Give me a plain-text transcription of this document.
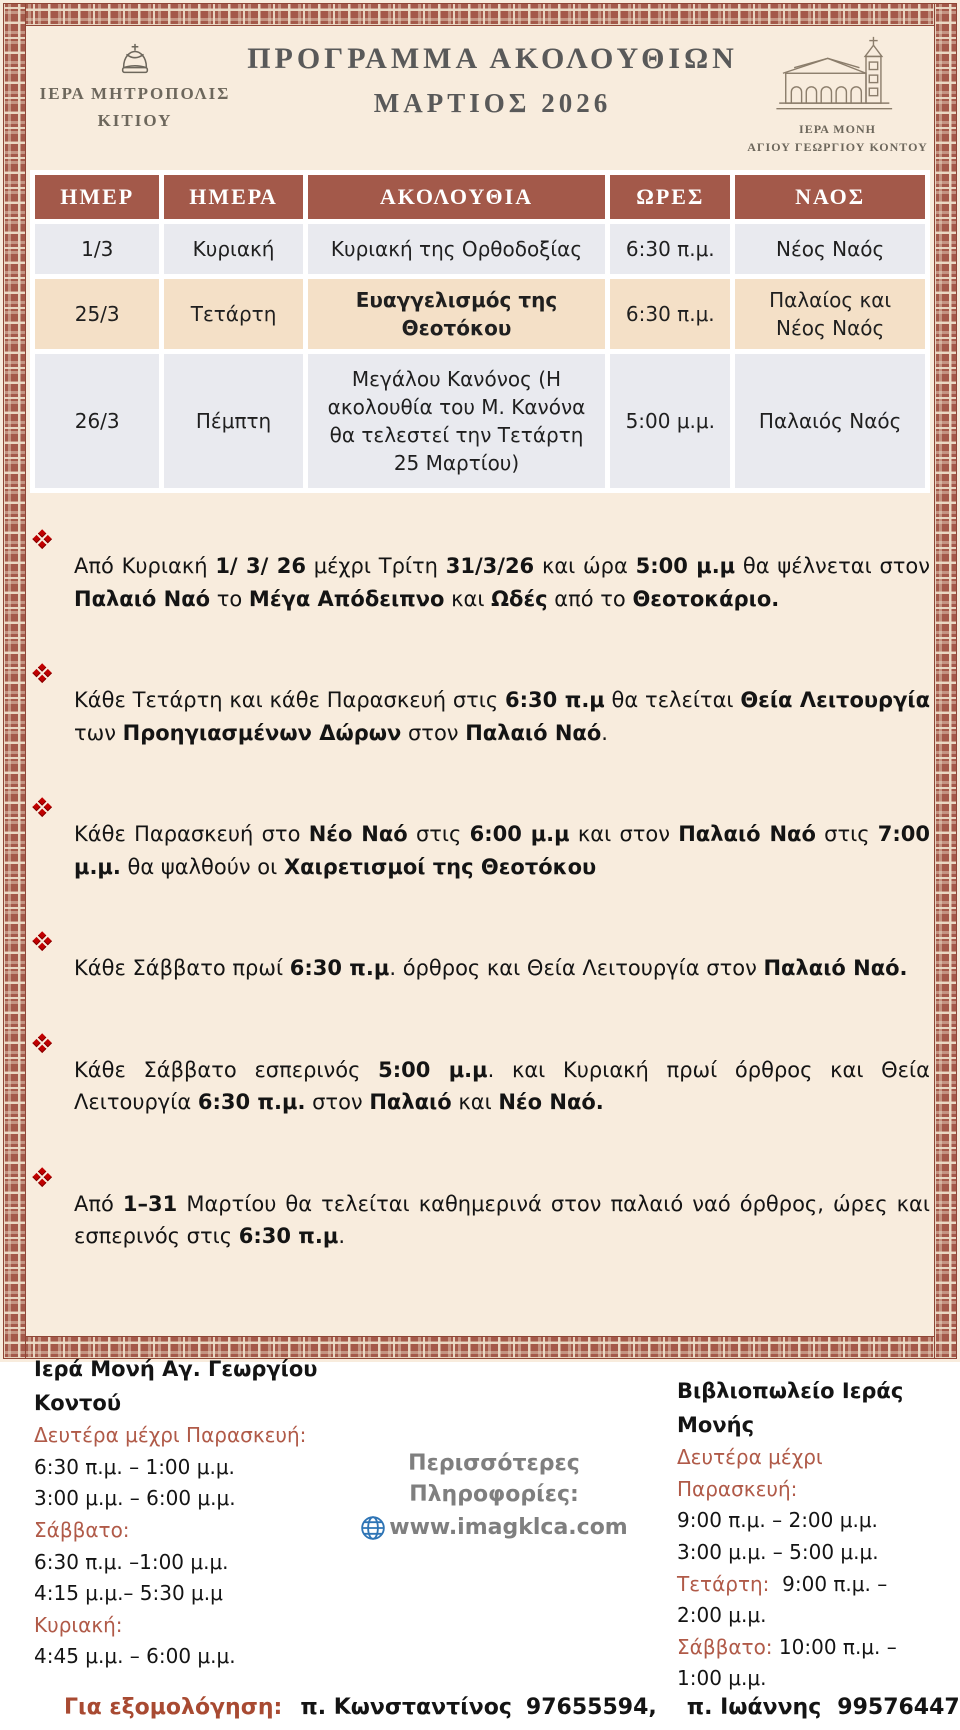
ΙΕΡΑ ΜΗΤΡΟΠΟΛΙΣ
ΚΙΤΙΟΥ
ΠΡΟΓΡΑΜΜΑ ΑΚΟΛΟΥΘΙΩΝ
ΜΑΡΤΙΟΣ 2026
ΙΕΡΑ ΜΟΝΗ
ΑΓΙΟΥ ΓΕΩΡΓΙΟΥ ΚΟΝΤΟΥ
ΗΜΕΡ	ΗΜΕΡΑ	ΑΚΟΛΟΥΘΙΑ	ΩΡΕΣ	ΝΑΟΣ
1/3	Κυριακή	Κυριακή της Ορθοδοξίας	6:30 π.μ.	Νέος Ναός
25/3	Τετάρτη	Ευαγγελισμός της Θεοτόκου	6:30 π.μ.	Παλαίος και Νέος Ναός
26/3	Πέμπτη	Μεγάλου Κανόνος (Η ακολουθία του Μ. Κανόνα θα τελεστεί την Τετάρτη 25 Μαρτίου)	5:00 μ.μ.	Παλαιός Ναός

Από Κυριακή 1/ 3/ 26 μέχρι Τρίτη 31/3/26 και ώρα 5:00 μ.μ θα ψέλνεται στον Παλαιό Ναό το Μέγα Απόδειπνο και Ωδές από το Θεοτοκάριο.

Κάθε Τετάρτη και κάθε Παρασκευή στις 6:30 π.μ θα τελείται Θεία Λειτουργία των Προηγιασμένων Δώρων στον Παλαιό Ναό.

Κάθε Παρασκευή στο Νέο Ναό στις 6:00 μ.μ και στον Παλαιό Ναό στις 7:00 μ.μ. θα ψαλθούν οι Χαιρετισμοί της Θεοτόκου

Κάθε Σάββατο πρωί 6:30 π.μ. όρθρος και Θεία Λειτουργία στον Παλαιό Ναό.

Κάθε Σάββατο εσπερινός 5:00 μ.μ. και Κυριακή πρωί όρθρος και Θεία Λειτουργία 6:30 π.μ. στον Παλαιό και Νέο Ναό.

Από 1–31 Μαρτίου θα τελείται καθημερινά στον παλαιό ναό όρθρος, ώρες και εσπερινός στις 6:30 π.μ.

Ιερά Μονή Αγ. Γεωργίου Κοντού
Δευτέρα μέχρι Παρασκευή:
6:30 π.μ. – 1:00 μ.μ.
3:00 μ.μ. – 6:00 μ.μ.
Σάββατο:
6:30 π.μ. –1:00 μ.μ.
4:15 μ.μ.– 5:30 μ.μ
Κυριακή:
4:45 μ.μ. – 6:00 μ.μ.
Περισσότερες Πληροφορίες:
www.imagklca.com
Βιβλιοπωλείο Ιεράς Μονής
Δευτέρα μέχρι Παρασκευή:
9:00 π.μ. – 2:00 μ.μ.
3:00 μ.μ. – 5:00 μ.μ.
Τετάρτη: 9:00 π.μ. – 2:00 μ.μ.
Σάββατο: 10:00 π.μ. –1:00 μ.μ.
Για εξομολόγηση: π. Κωνσταντίνος 97655594, π. Ιωάννης 99576447
